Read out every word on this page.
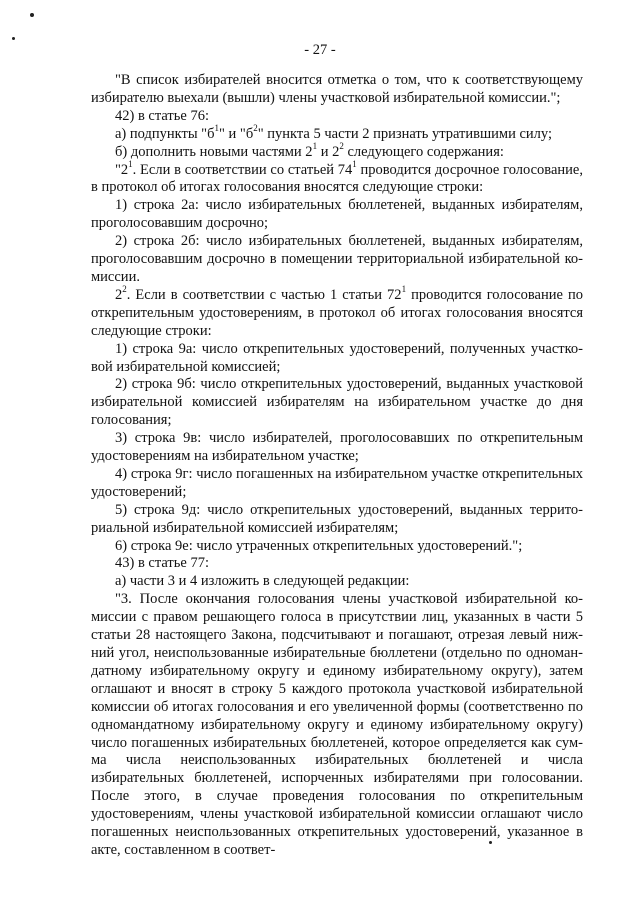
- 27 -

"В список избирателей вносится отметка о том, что к соответствующему избирателю выехали (вышли) члены участковой избирательной комиссии.";

42) в статье 76:

а) подпункты "$б^1$" и "$б^2$" пункта 5 части 2 признать утратившими силу;

б) дополнить новыми частями $2^1$ и $2^2$ следующего содержания:

"$2^1$. Если в соответствии со статьей $74^1$ проводится досрочное голосование, в протокол об итогах голосования вносятся следующие строки:

1) строка 2а: число избирательных бюллетеней, выданных избирателям, проголосовавшим досрочно;

2) строка 2б: число избирательных бюллетеней, выданных избирателям, проголосовавшим досрочно в помещении территориальной избирательной комиссии.

$2^2$. Если в соответствии с частью 1 статьи $72^1$ проводится голосование по открепительным удостоверениям, в протокол об итогах голосования вносятся следующие строки:

1) строка 9а: число открепительных удостоверений, полученных участковой избирательной комиссией;

2) строка 9б: число открепительных удостоверений, выданных участковой избирательной комиссией избирателям на избирательном участке до дня голосования;

3) строка 9в: число избирателей, проголосовавших по открепительным удостоверениям на избирательном участке;

4) строка 9г: число погашенных на избирательном участке открепительных удостоверений;

5) строка 9д: число открепительных удостоверений, выданных территориальной избирательной комиссией избирателям;

6) строка 9е: число утраченных открепительных удостоверений.";

43) в статье 77:

а) части 3 и 4 изложить в следующей редакции:

"3. После окончания голосования члены участковой избирательной комиссии с правом решающего голоса в присутствии лиц, указанных в части 5 статьи 28 настоящего Закона, подсчитывают и погашают, отрезая левый нижний угол, неиспользованные избирательные бюллетени (отдельно по одномандатному избирательному округу и единому избирательному округу), затем оглашают и вносят в строку 5 каждого протокола участковой избирательной комиссии об итогах голосования и его увеличенной формы (соответственно по одномандатному избирательному округу и единому избирательному округу) число погашенных избирательных бюллетеней, которое определяется как сумма числа неиспользованных избирательных бюллетеней и числа избирательных бюллетеней, испорченных избирателями при голосовании. После этого, в случае проведения голосования по открепительным удостоверениям, члены участковой избирательной комиссии оглашают число погашенных неиспользованных открепительных удостоверений, указанное в акте, составленном в соответ-
